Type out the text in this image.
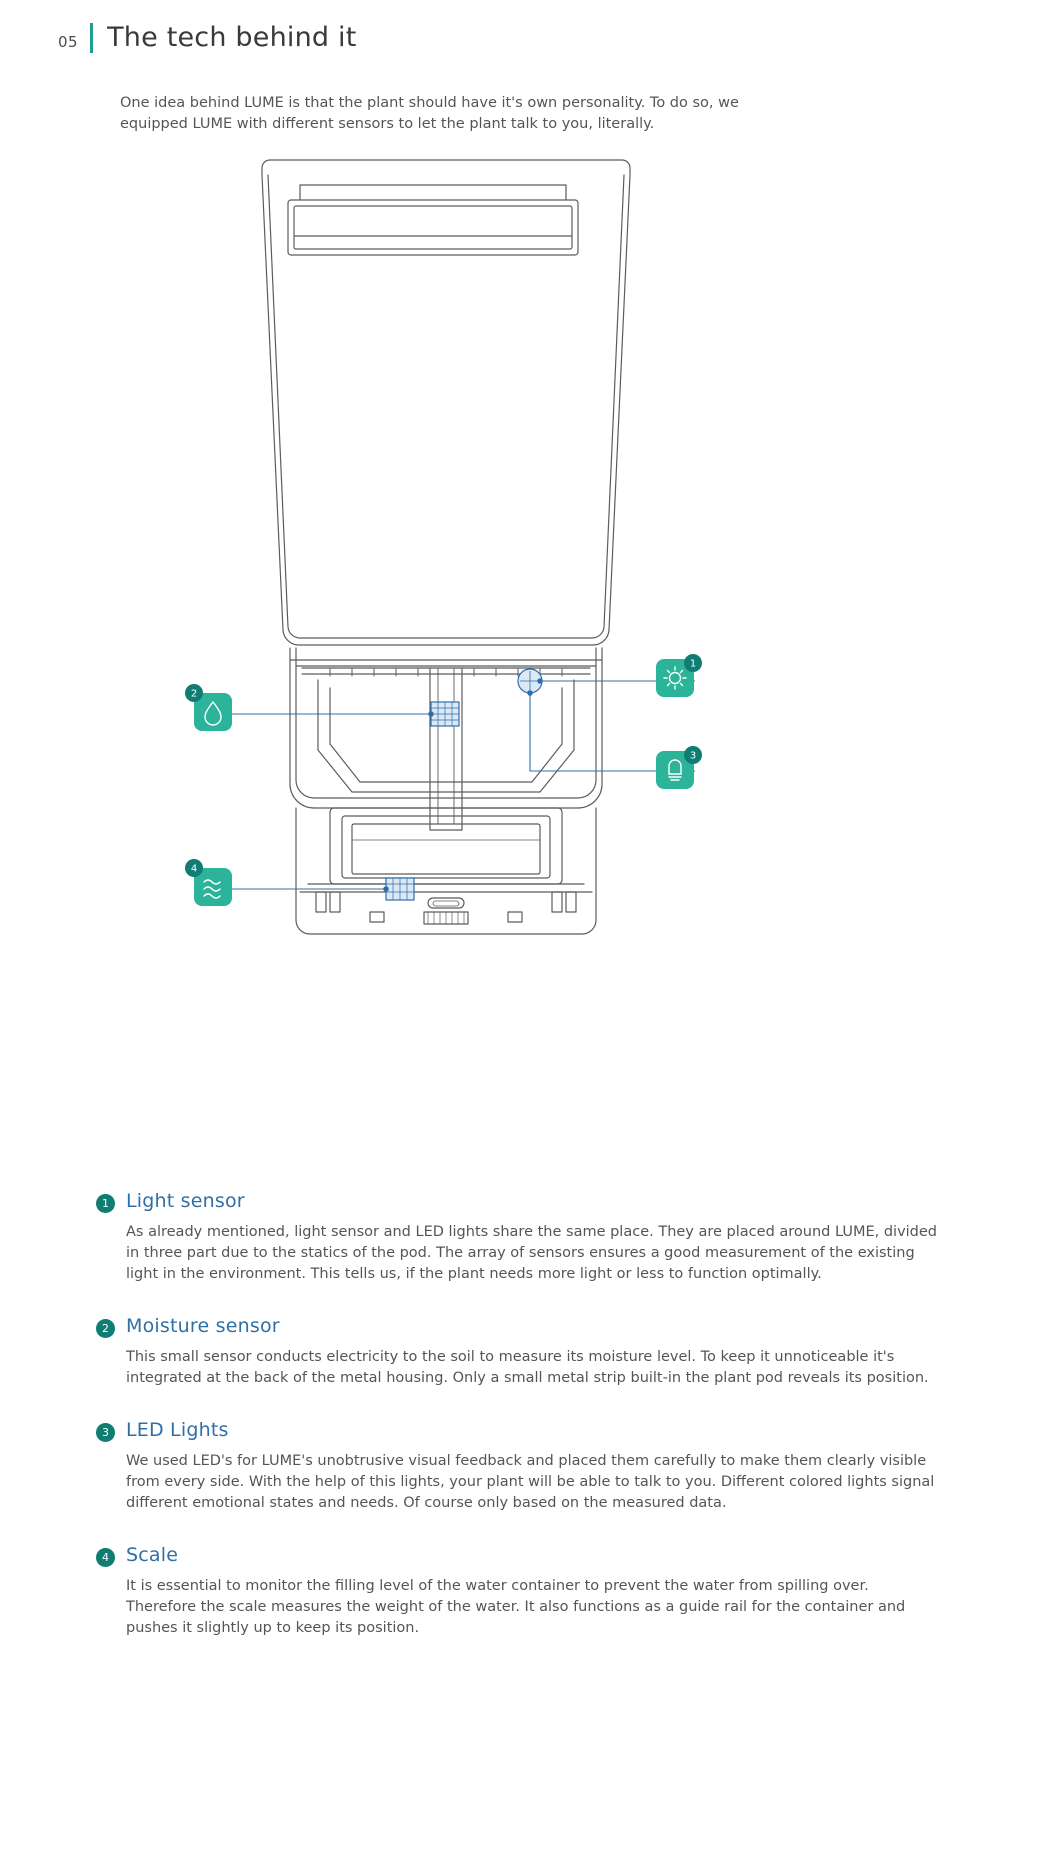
05 The tech behind it

One idea behind LUME is that the plant should have it's own personality. To do so, we equipped LUME with different sensors to let the plant talk to you, literally.

1
2
3
4
1 Light sensor
As already mentioned, light sensor and LED lights share the same place. They are placed around LUME, divided in three part due to the statics of the pod. The array of sensors ensures a good measurement of the existing light in the environment. This tells us, if the plant needs more light or less to function optimally.
2 Moisture sensor
This small sensor conducts electricity to the soil to measure its moisture level. To keep it unnoticeable it's integrated at the back of the metal housing. Only a small metal strip built-in the plant pod reveals its position.
3 LED Lights
We used LED's for LUME's unobtrusive visual feedback and placed them carefully to make them clearly visible from every side. With the help of this lights, your plant will be able to talk to you. Different colored lights signal different emotional states and needs. Of course only based on the measured data.
4 Scale
It is essential to monitor the filling level of the water container to prevent the water from spilling over. Therefore the scale measures the weight of the water. It also functions as a guide rail for the container and pushes it slightly up to keep its position.
